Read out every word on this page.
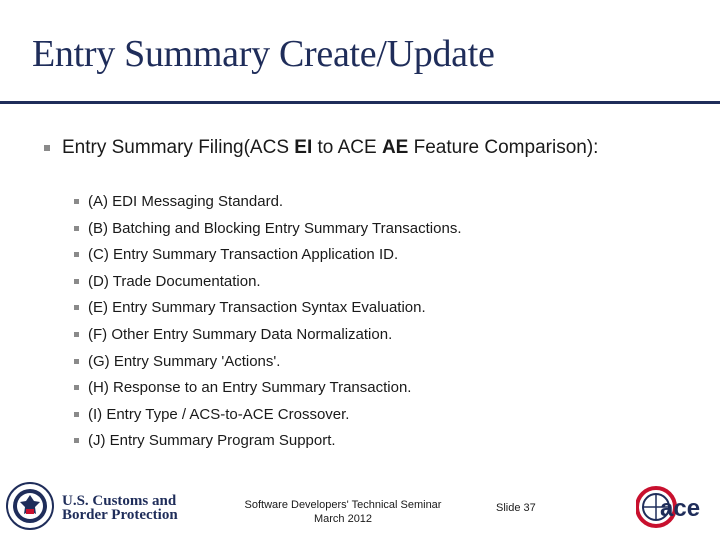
Entry Summary Create/Update
Entry Summary Filing(ACS EI to ACE AE Feature Comparison):
(A) EDI Messaging Standard.
(B) Batching and Blocking Entry Summary Transactions.
(C) Entry Summary Transaction Application ID.
(D) Trade Documentation.
(E) Entry Summary Transaction Syntax Evaluation.
(F) Other Entry Summary Data Normalization.
(G) Entry Summary 'Actions'.
(H) Response to an Entry Summary Transaction.
(I) Entry Type / ACS-to-ACE Crossover.
(J) Entry Summary Program Support.
U.S. Customs and
Border Protection
Software Developers' Technical Seminar
March 2012
Slide 37	ace
